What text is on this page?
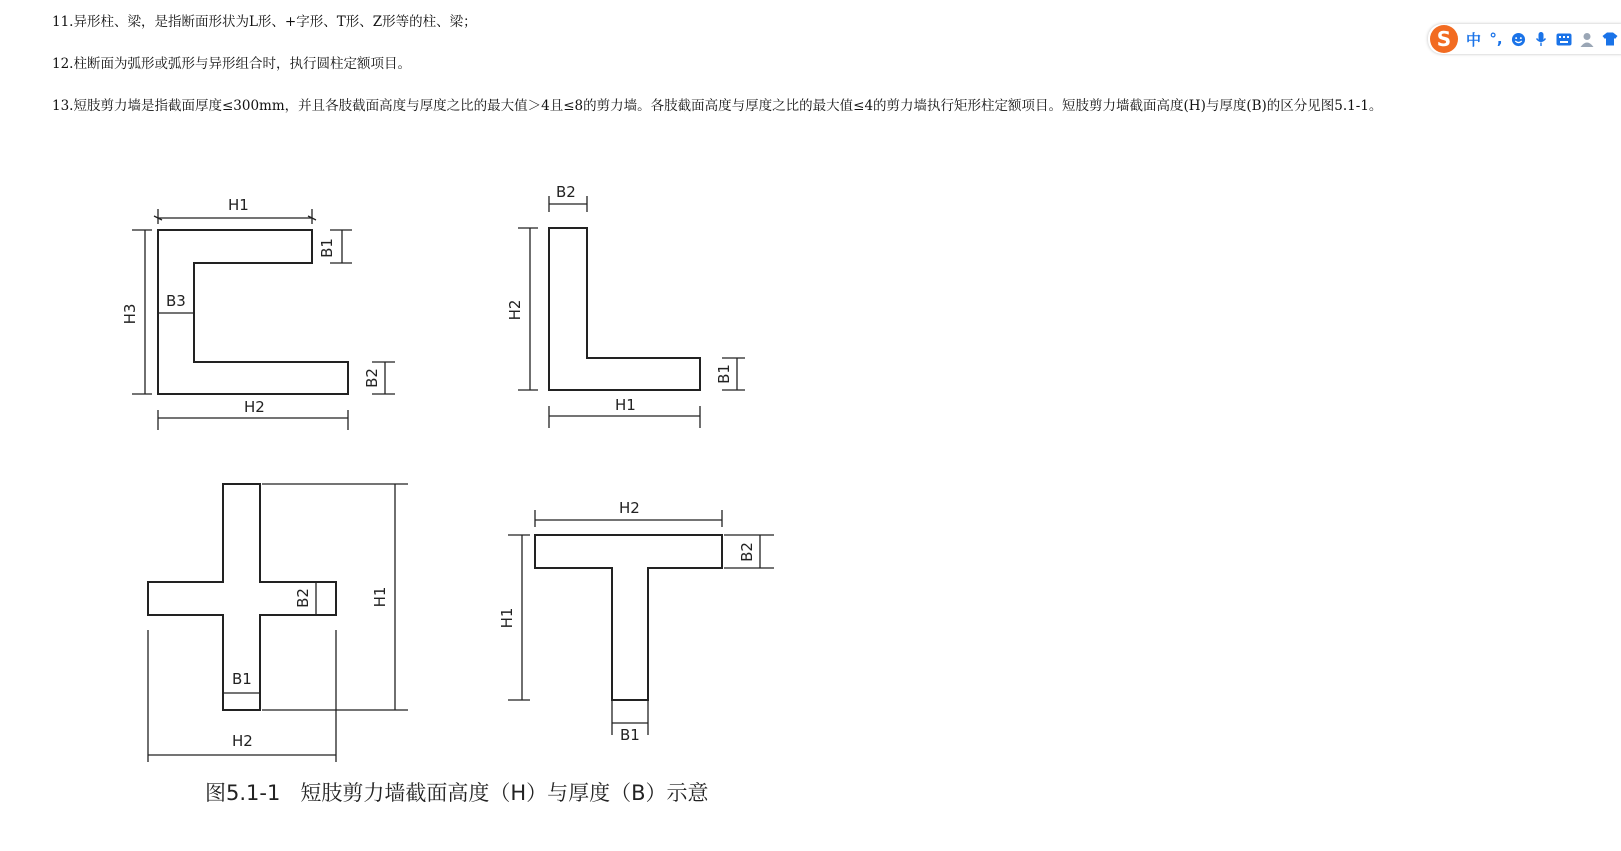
11.异形柱、梁，是指断面形状为L形、+字形、T形、Z形等的柱、梁；

12.柱断面为弧形或弧形与异形组合时，执行圆柱定额项目。

13.短肢剪力墙是指截面厚度≤300mm，并且各肢截面高度与厚度之比的最大值＞4且≤8的剪力墙。各肢截面高度与厚度之比的最大值≤4的剪力墙执行矩形柱定额项目。短肢剪力墙截面高度(H)与厚度(B)的区分见图5.1-1。

S 中 °,
H1
B1
H3
B3
B2
H2
B2
H2
H1
B1
B1
B2	H1
H2
H2
B2
H1
B1
图5.1-1   短肢剪力墙截面高度（H）与厚度（B）示意
